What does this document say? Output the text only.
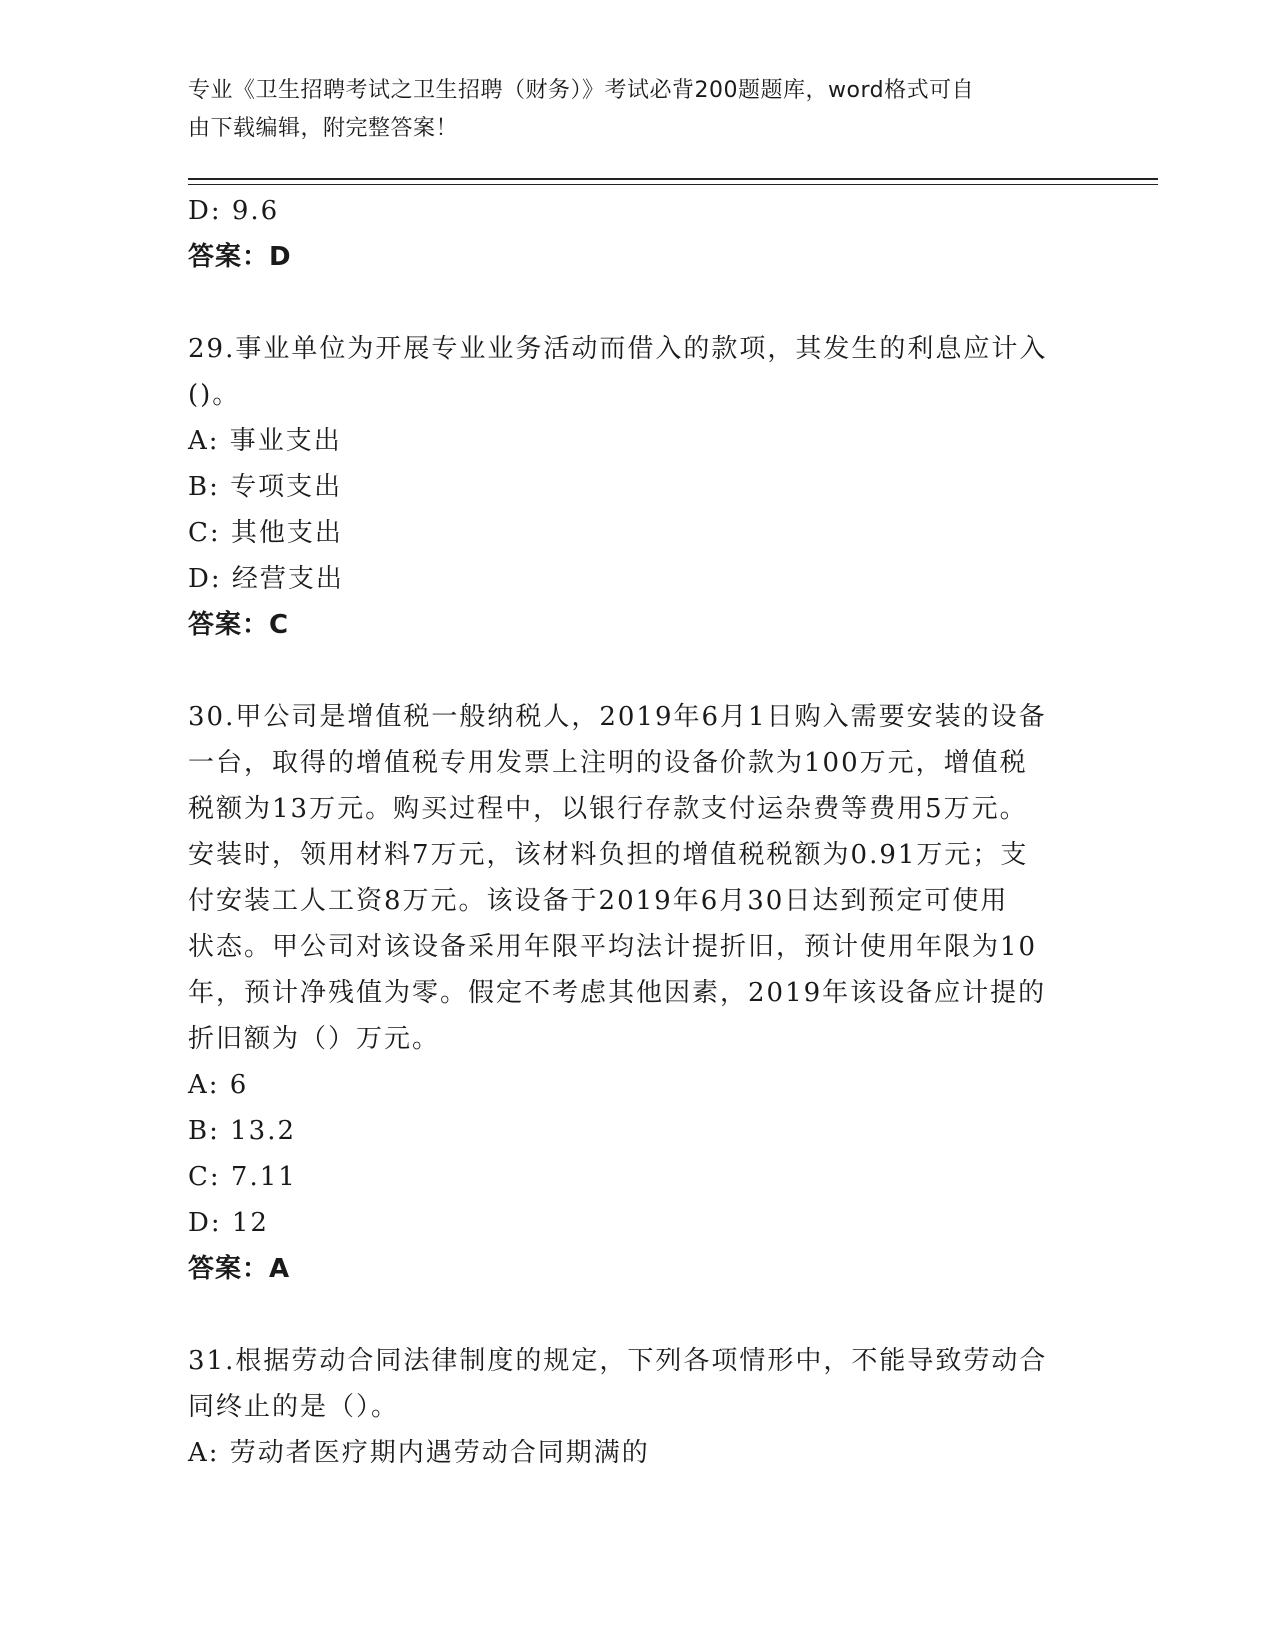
专业《卫生招聘考试之卫生招聘（财务）》考试必背200题题库，word格式可自
由下载编辑，附完整答案！

D: 9.6

答案：D

29.事业单位为开展专业业务活动而借入的款项，其发生的利息应计入

()。

A: 事业支出

B: 专项支出

C: 其他支出

D: 经营支出

答案：C

30.甲公司是增值税一般纳税人，2019年6月1日购入需要安装的设备

一台，取得的增值税专用发票上注明的设备价款为100万元，增值税

税额为13万元。购买过程中，以银行存款支付运杂费等费用5万元。

安装时，领用材料7万元，该材料负担的增值税税额为0.91万元；支

付安装工人工资8万元。该设备于2019年6月30日达到预定可使用

状态。甲公司对该设备采用年限平均法计提折旧，预计使用年限为10

年，预计净残值为零。假定不考虑其他因素，2019年该设备应计提的

折旧额为（）万元。

A: 6

B: 13.2

C: 7.11

D: 12

答案：A

31.根据劳动合同法律制度的规定，下列各项情形中，不能导致劳动合

同终止的是（）。

A: 劳动者医疗期内遇劳动合同期满的
